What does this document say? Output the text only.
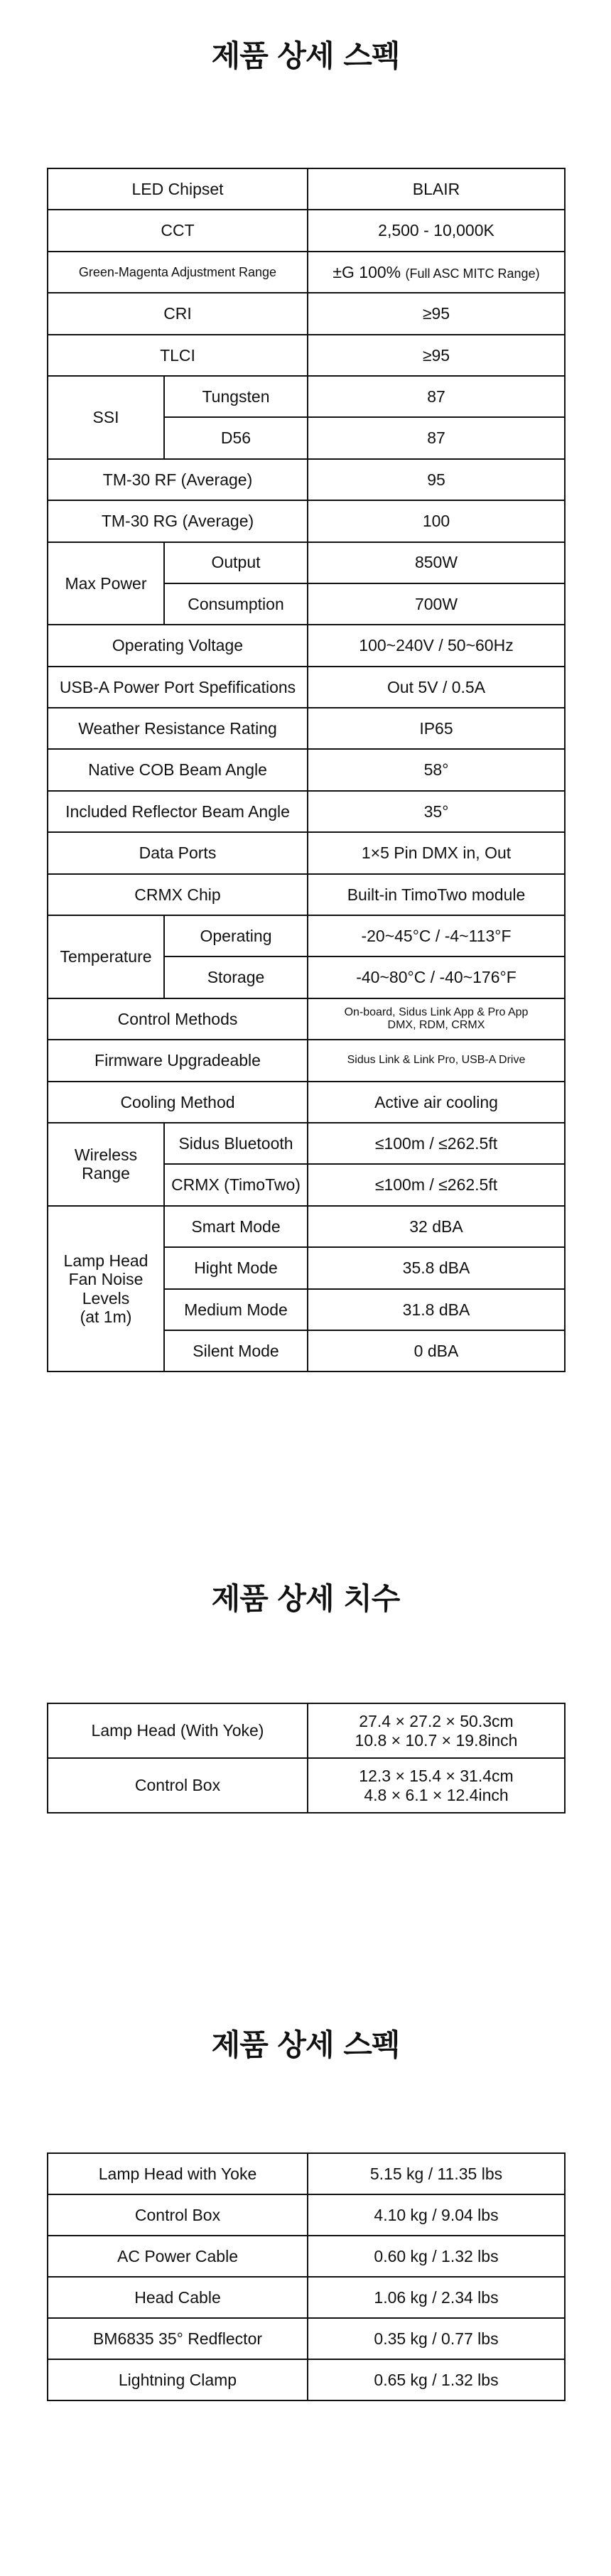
제품 상세 스펙
LED Chipset		BLAIR
CCT		2,500 - 10,000K
Green-Magenta Adjustment Range		±G 100% (Full ASC MITC Range)
CRI		≥95
TLCI		≥95
SSI	Tungsten	87
	D56	87
TM-30 RF (Average)		95
TM-30 RG (Average)		100
Max Power	Output	850W
	Consumption	700W
Operating Voltage		100~240V / 50~60Hz
USB-A Power Port Spefifications		Out 5V / 0.5A
Weather Resistance Rating		IP65
Native COB Beam Angle		58°
Included Reflector Beam Angle		35°
Data Ports		1×5 Pin DMX in, Out
CRMX Chip		Built-in TimoTwo module
Temperature	Operating	-20~45°C / -4~113°F
	Storage	-40~80°C / -40~176°F
Control Methods		On-board, Sidus Link App & Pro App
DMX, RDM, CRMX

Firmware Upgradeable		Sidus Link & Link Pro, USB-A Drive
Cooling Method		Active air cooling

Wireless
Range	Sidus Bluetooth	≤100m / ≤262.5ft
	CRMX (TimoTwo)	≤100m / ≤262.5ft

Lamp Head
Fan Noise
Levels
(at 1m)	Smart Mode	32 dBA
	Hight Mode	35.8 dBA
	Medium Mode	31.8 dBA
	Silent Mode	0 dBA
제품 상세 치수
Lamp Head (With Yoke)	27.4 × 27.2 × 50.3cm
10.8 × 10.7 × 19.8inch

Control Box	12.3 × 15.4 × 31.4cm
4.8 × 6.1 × 12.4inch
제품 상세 스펙
Lamp Head with Yoke	5.15 kg / 11.35 lbs
Control Box	4.10 kg / 9.04 lbs
AC Power Cable	0.60 kg / 1.32 lbs
Head Cable	1.06 kg / 2.34 lbs
BM6835 35° Redflector	0.35 kg / 0.77 lbs
Lightning Clamp	0.65 kg / 1.32 lbs
